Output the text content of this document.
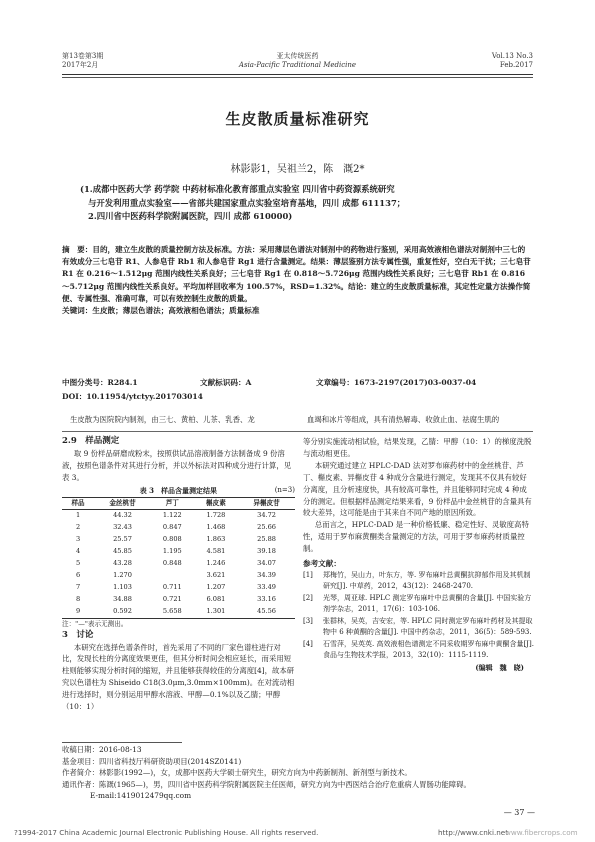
第13卷第3期
2017年2月
亚太传统医药
Asia-Pacific Traditional Medicine
Vol.13 No.3
Feb.2017
生皮散质量标准研究
林影影1，吴祖兰2，陈　溉2*
(1.成都中医药大学 药学院 中药材标准化教育部重点实验室 四川省中药资源系统研究
与开发利用重点实验室——省部共建国家重点实验室培育基地，四川 成都 611137；
2.四川省中医药科学院附属医院，四川 成都 610000)

摘　要：目的，建立生皮散的质量控制方法及标准。方法：采用薄层色谱法对制剂中的药物进行鉴别，采用高效液相色谱法对制剂中三七的有效成分三七皂苷 R1、人参皂苷 Rb1 和人参皂苷 Rg1 进行含量测定。结果：薄层鉴别方法专属性强，重复性好，空白无干扰；三七皂苷 R1 在 0.216～1.512μg 范围内线性关系良好；三七皂苷 Rg1 在 0.818～5.726μg 范围内线性关系良好；三七皂苷 Rb1 在 0.816～5.712μg 范围内线性关系良好。平均加样回收率为 100.57%，RSD=1.32%。结论：建立的生皮散质量标准，其定性定量方法操作简便、专属性强、准确可靠，可以有效控制生皮散的质量。

关键词：生皮散；薄层色谱法；高效液相色谱法；质量标准

中图分类号：R284.1	文献标识码：A	文章编号：1673-2197(2017)03-0037-04
DOI：10.11954/ytctyy.201703014
生皮散为医院院内制剂，由三七、黄柏、儿茶、乳香、龙	血竭和冰片等组成，具有清热解毒、收敛止血、祛腐生肌的
2.9　样品测定

取 9 份样品研磨成粉末，按照供试品溶液制备方法制备成 9 份溶液，按照色谱条件对其进行分析，并以外标法对四种成分进行计算，见表 3。

表 3　样品含量测定结果	(n=3)
样品	金丝桃苷	芦丁	槲皮素	异槲皮苷
1	44.32	1.122	1.728	34.72
2	32.43	0.847	1.468	25.66
3	25.57	0.808	1.863	25.88
4	45.85	1.195	4.581	39.18
5	43.28	0.848	1.246	34.07
6	1.270		3.621	34.39
7	1.103	0.711	1.207	33.49
8	34.88	0.721	6.081	33.16
9	0.592	5.658	1.301	45.56
注："—"表示无测出。
3　讨论

本研究在选择色谱条件时，首先采用了不同的厂家色谱柱进行对比，发现长柱的分离度效果更佳，但其分析时间会相应延长，而采用短柱则能够实现分析时间的缩短，并且能够获得较佳的分离度[4]，故本研究以色谱柱为 Shiseido C18(3.0μm,3.0mm×100mm)。在对流动相进行选择时，则分别运用甲醇水溶液、甲醇—0.1%以及乙腈；甲醇（10：1）

等分别实施流动相试验，结果发现，乙腈：甲醇（10：1）的梯度洗脱与流动相更佳。

本研究通过建立 HPLC-DAD 法对罗布麻药材中的金丝桃苷、芦丁、槲皮素、异槲皮苷 4 种成分含量进行测定，发现其不仅具有较好分离度，且分析速度快，具有较高可靠性，并且能够同时完成 4 种成分的测定。但根据样品测定结果来看，9 份样品中金丝桃苷的含量具有较大差异，这可能是由于其来自不同产地的原因所致。

总而言之，HPLC-DAD 是一种价格低廉、稳定性好、灵敏度高特性，适用于罗布麻黄酮类含量测定的方法，可用于罗布麻药材质量控制。

参考文献：
[1]	郑梅竹，吴山力，叶东方，等. 罗布麻叶总黄酮抗抑郁作用及其机制研究[J]. 中草药，2012，43(12)：2468-2470.
[2]	光琴，周亚球. HPLC 测定罗布麻叶中总黄酮的含量[J]. 中国实验方剂学杂志，2011，17(6)：103-106.
[3]	张群林，吴英，吉安宏，等. HPLC 同时测定罗布麻叶药材及其提取物中 6 种黄酮的含量[J]. 中国中药杂志，2011，36(5)：589-593.
[4]	石雪萍，吴英英. 高效液相色谱测定不同采收期罗布麻中黄酮含量[J]. 食品与生物技术学报，2013，32(10)：1115-1119.
(编辑　魏　晓)
收稿日期：2016-08-13
基金项目：四川省科技厅科研资助项目(2014SZ0141)
作者简介：林影影(1992—)，女，成都中医药大学硕士研究生，研究方向为中药新制剂、新剂型与新技术。
通讯作者：陈溉(1965—)，男，四川省中医药科学院附属医院主任医师，研究方向为中西医结合治疗危重病人胃肠功能障碍。
E-mail:1419012479qq.com
— 37 —
?1994-2017 China Academic Journal Electronic Publishing House. All rights reserved.	http://www.cnki.net
www.fibercrops.com
